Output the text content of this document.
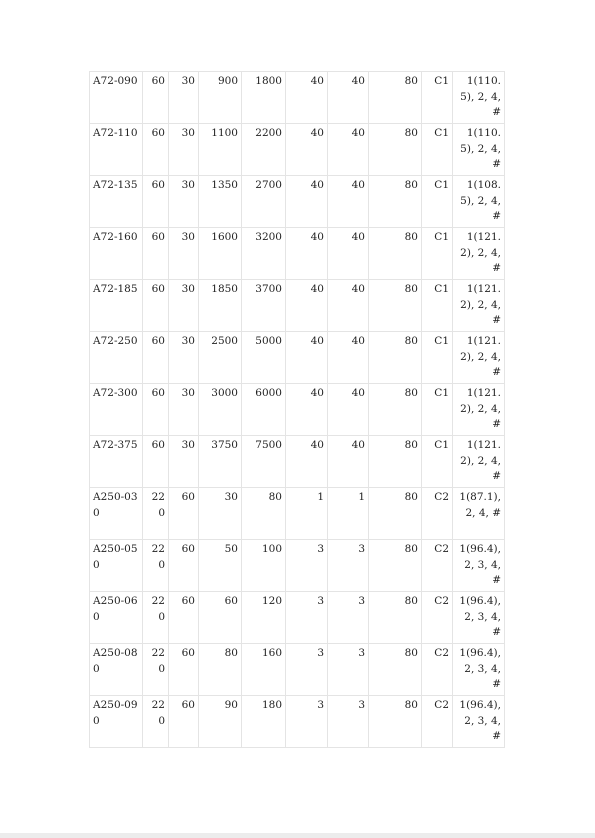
A72-090	60	30	900	1800	40	40	80	C1	1(110.5), 2, 4, #
A72-110	60	30	1100	2200	40	40	80	C1	1(110.5), 2, 4, #
A72-135	60	30	1350	2700	40	40	80	C1	1(108.5), 2, 4, #
A72-160	60	30	1600	3200	40	40	80	C1	1(121.2), 2, 4, #
A72-185	60	30	1850	3700	40	40	80	C1	1(121.2), 2, 4, #
A72-250	60	30	2500	5000	40	40	80	C1	1(121.2), 2, 4, #
A72-300	60	30	3000	6000	40	40	80	C1	1(121.2), 2, 4, #
A72-375	60	30	3750	7500	40	40	80	C1	1(121.2), 2, 4, #
A250-030	220	60	30	80	1	1	80	C2	1(87.1), 2, 4, #
A250-050	220	60	50	100	3	3	80	C2	1(96.4), 2, 3, 4, #
A250-060	220	60	60	120	3	3	80	C2	1(96.4), 2, 3, 4, #
A250-080	220	60	80	160	3	3	80	C2	1(96.4), 2, 3, 4, #
A250-090	220	60	90	180	3	3	80	C2	1(96.4), 2, 3, 4, #
